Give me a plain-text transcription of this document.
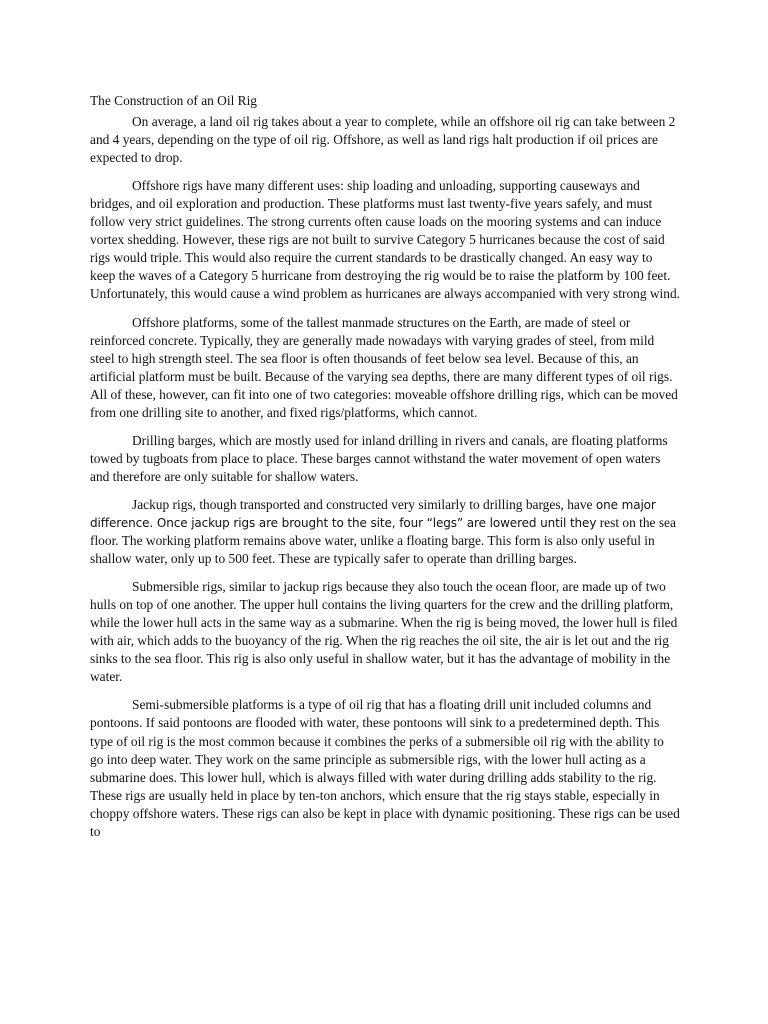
The Construction of an Oil Rig

On average, a land oil rig takes about a year to complete, while an offshore oil rig can take between 2 and 4 years, depending on the type of oil rig. Offshore, as well as land rigs halt production if oil prices are expected to drop.

Offshore rigs have many different uses: ship loading and unloading, supporting causeways and bridges, and oil exploration and production. These platforms must last twenty-five years safely, and must follow very strict guidelines. The strong currents often cause loads on the mooring systems and can induce vortex shedding. However, these rigs are not built to survive Category 5 hurricanes because the cost of said rigs would triple. This would also require the current standards to be drastically changed. An easy way to keep the waves of a Category 5 hurricane from destroying the rig would be to raise the platform by 100 feet. Unfortunately, this would cause a wind problem as hurricanes are always accompanied with very strong wind.

Offshore platforms, some of the tallest manmade structures on the Earth, are made of steel or reinforced concrete. Typically, they are generally made nowadays with varying grades of steel, from mild steel to high strength steel. The sea floor is often thousands of feet below sea level. Because of this, an artificial platform must be built. Because of the varying sea depths, there are many different types of oil rigs. All of these, however, can fit into one of two categories: moveable offshore drilling rigs, which can be moved from one drilling site to another, and fixed rigs/platforms, which cannot.

Drilling barges, which are mostly used for inland drilling in rivers and canals, are floating platforms towed by tugboats from place to place. These barges cannot withstand the water movement of open waters and therefore are only suitable for shallow waters.

Jackup rigs, though transported and constructed very similarly to drilling barges, have one major difference. Once jackup rigs are brought to the site, four “legs” are lowered until they rest on the sea floor. The working platform remains above water, unlike a floating barge. This form is also only useful in shallow water, only up to 500 feet. These are typically safer to operate than drilling barges.

Submersible rigs, similar to jackup rigs because they also touch the ocean floor, are made up of two hulls on top of one another. The upper hull contains the living quarters for the crew and the drilling platform, while the lower hull acts in the same way as a submarine. When the rig is being moved, the lower hull is filed with air, which adds to the buoyancy of the rig. When the rig reaches the oil site, the air is let out and the rig sinks to the sea floor. This rig is also only useful in shallow water, but it has the advantage of mobility in the water.

Semi-submersible platforms is a type of oil rig that has a floating drill unit included columns and pontoons. If said pontoons are flooded with water, these pontoons will sink to a predetermined depth. This type of oil rig is the most common because it combines the perks of a submersible oil rig with the ability to go into deep water. They work on the same principle as submersible rigs, with the lower hull acting as a submarine does. This lower hull, which is always filled with water during drilling adds stability to the rig. These rigs are usually held in place by ten-ton anchors, which ensure that the rig stays stable, especially in choppy offshore waters. These rigs can also be kept in place with dynamic positioning. These rigs can be used to
